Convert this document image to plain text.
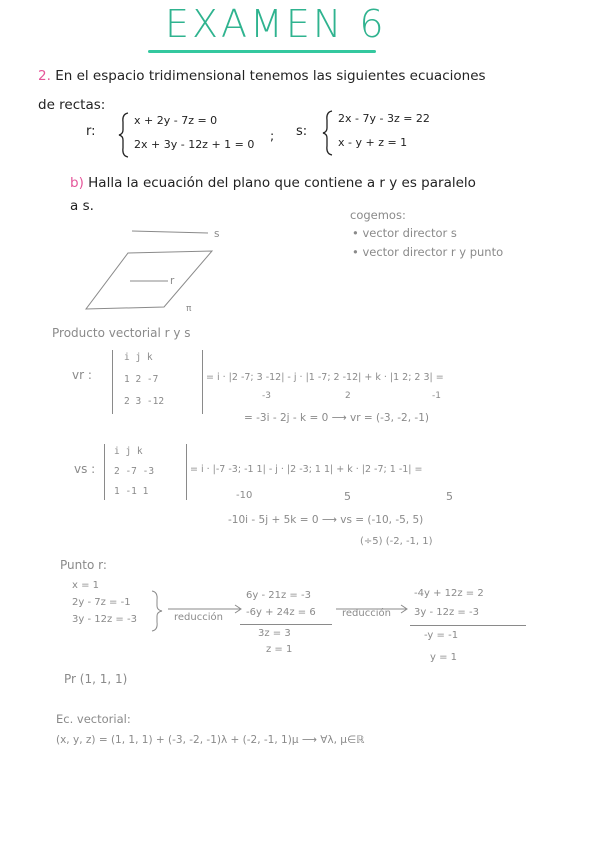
EXAMEN 6
2. En el espacio tridimensional tenemos las siguientes ecuaciones
de rectas:
r:
x + 2y - 7z = 0
2x + 3y - 12z + 1 = 0
; s:
2x - 7y - 3z = 22
x - y + z = 1
b) Halla la ecuación del plano que contiene a r y es paralelo
a s.
s
r
π
cogemos:
• vector director s
• vector director r y punto
Producto vectorial r y s
vr :
i j k
1 2 -7
2 3 -12
= i · |2 -7; 3 -12| - j · |1 -7; 2 -12| + k · |1 2; 2 3| =
-3	2	-1
= -3i - 2j - k = 0 ⟶ vr = (-3, -2, -1)
vs :
i j k
2 -7 -3
1 -1 1
= i · |-7 -3; -1 1| - j · |2 -3; 1 1| + k · |2 -7; 1 -1| =
-10	5	5
-10i - 5j + 5k = 0 ⟶ vs = (-10, -5, 5)
(÷5) (-2, -1, 1)
Punto r:
x = 1
2y - 7z = -1
3y - 12z = -3	reducción
6y - 21z = -3
-6y + 24z = 6
3z = 3
z = 1
reducción
-4y + 12z = 2
3y - 12z = -3
-y = -1
y = 1
Pr (1, 1, 1)
Ec. vectorial:
(x, y, z) = (1, 1, 1) + (-3, -2, -1)λ + (-2, -1, 1)μ ⟶ ∀λ, μ∈ℝ
